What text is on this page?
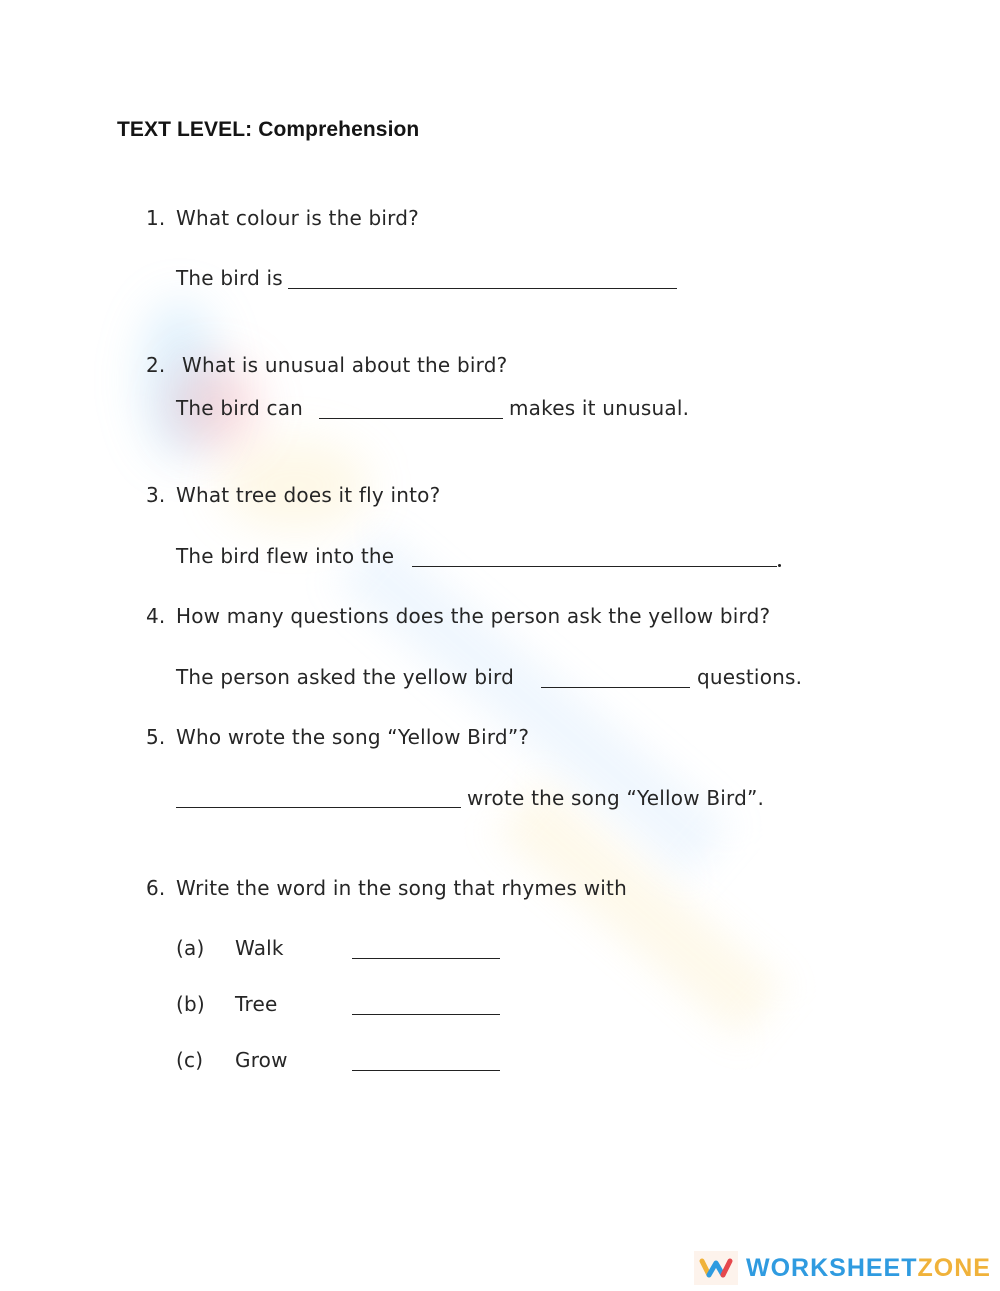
TEXT LEVEL: Comprehension
1. What colour is the bird?
The bird is
2. What is unusual about the bird?
The bird can	makes it unusual.
3. What tree does it fly into?
The bird flew into the
4. How many questions does the person ask the yellow bird?
The person asked the yellow bird	questions.
5. Who wrote the song “Yellow Bird”?
wrote the song “Yellow Bird”.
6. Write the word in the song that rhymes with
(a) Walk
(b) Tree
(c) Grow
WORKSHEETZONE
